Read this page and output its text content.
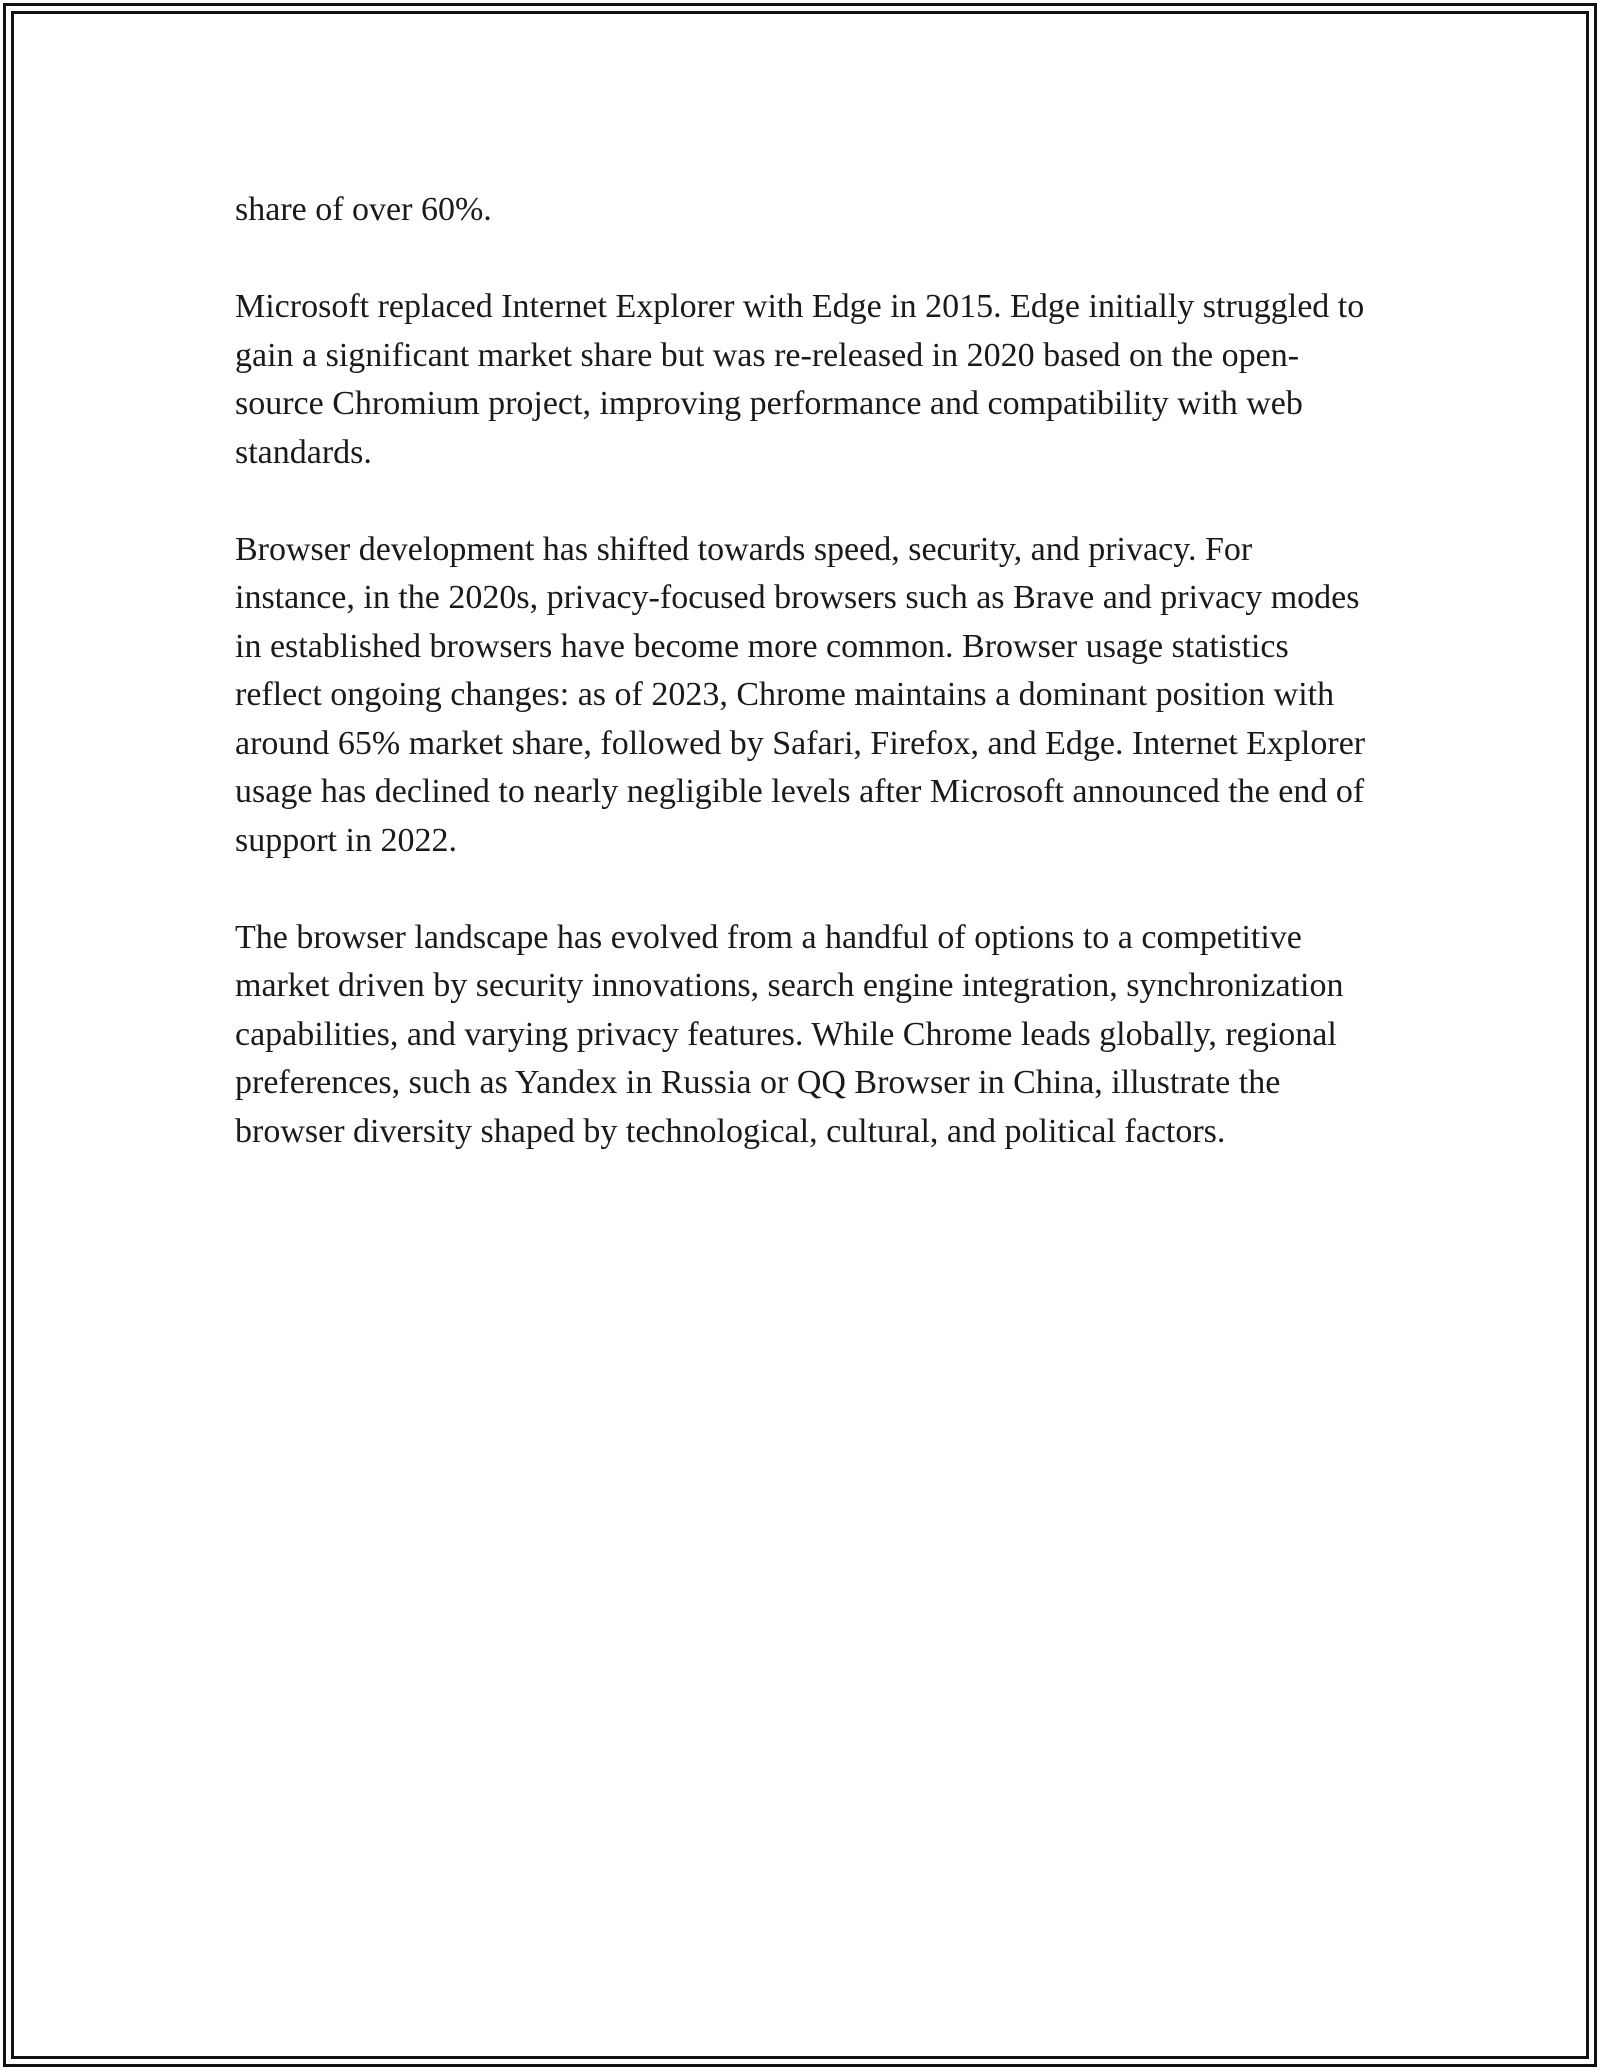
share of over 60%.

Microsoft replaced Internet Explorer with Edge in 2015. Edge initially struggled to gain a significant market share but was re-released in 2020 based on the open-source Chromium project, improving performance and compatibility with web standards.

Browser development has shifted towards speed, security, and privacy. For instance, in the 2020s, privacy-focused browsers such as Brave and privacy modes in established browsers have become more common. Browser usage statistics reflect ongoing changes: as of 2023, Chrome maintains a dominant position with around 65% market share, followed by Safari, Firefox, and Edge. Internet Explorer usage has declined to nearly negligible levels after Microsoft announced the end of support in 2022.

The browser landscape has evolved from a handful of options to a competitive market driven by security innovations, search engine integration, synchronization capabilities, and varying privacy features. While Chrome leads globally, regional preferences, such as Yandex in Russia or QQ Browser in China, illustrate the browser diversity shaped by technological, cultural, and political factors.
